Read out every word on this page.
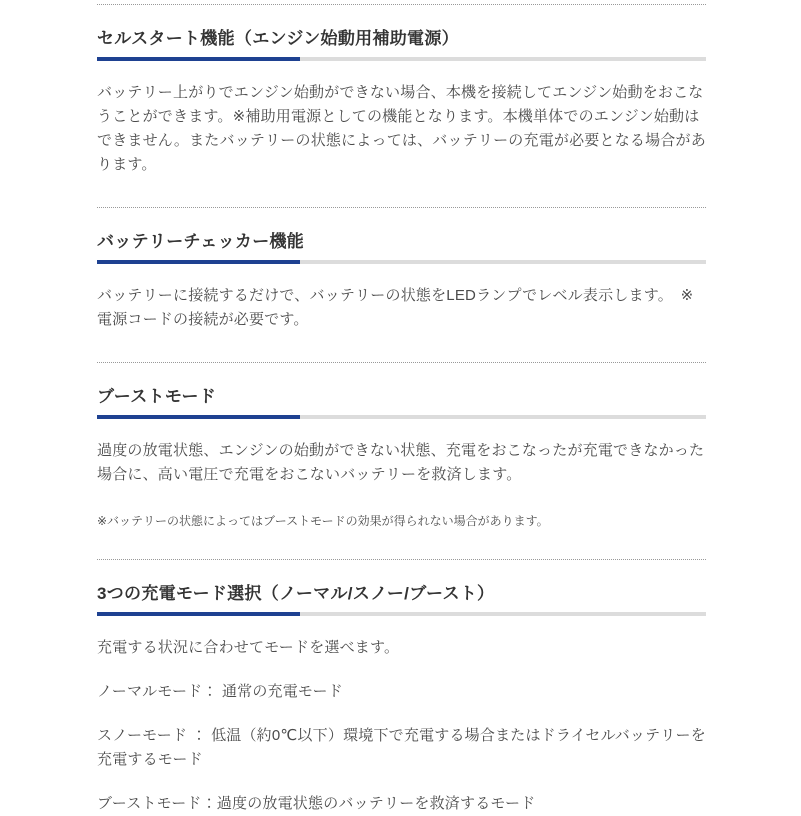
セルスタート機能（エンジン始動用補助電源）

バッテリー上がりでエンジン始動ができない場合、本機を接続してエンジン始動をおこなうことができます。※補助用電源としての機能となります。本機単体でのエンジン始動はできません。またバッテリーの状態によっては、バッテリーの充電が必要となる場合があります。

バッテリーチェッカー機能

バッテリーに接続するだけで、バッテリーの状態をLEDランプでレベル表示します。　※電源コードの接続が必要です。

ブーストモード

過度の放電状態、エンジンの始動ができない状態、充電をおこなったが充電できなかった場合に、高い電圧で充電をおこないバッテリーを救済します。

※バッテリーの状態によってはブーストモードの効果が得られない場合があります。

3つの充電モード選択（ノーマル/スノー/ブースト）

充電する状況に合わせてモードを選べます。

ノーマルモード： 通常の充電モード

スノーモード ： 低温（約0℃以下）環境下で充電する場合またはドライセルバッテリーを充電するモード

ブーストモード：過度の放電状態のバッテリーを救済するモード
